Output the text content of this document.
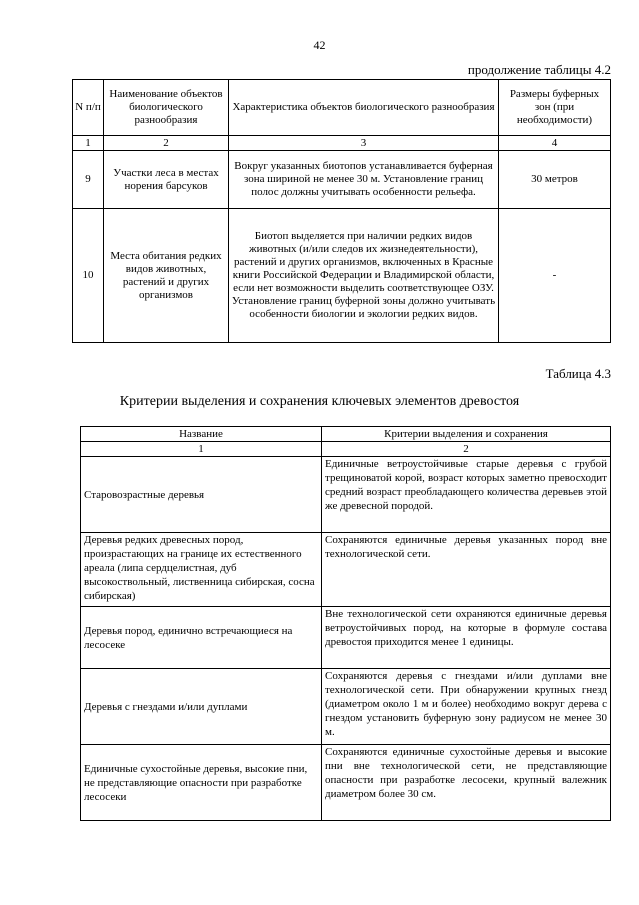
42
продолжение таблицы 4.2
N п/п	Наименование объектов биологического разнообразия	Характеристика объектов биологического разнообразия	Размеры буферных зон (при необходимости)
1	2	3	4
9	Участки леса в местах норения барсуков	Вокруг указанных биотопов устанавливается буферная зона шириной не менее 30 м. Установление границ полос должны учитывать особенности рельефа.	30 метров
10	Места обитания редких видов животных, растений и других организмов	Биотоп выделяется при наличии редких видов животных (и/или следов их жизнедеятельности), растений и других организмов, включенных в Красные книги Российской Федерации и Владимирской области, если нет возможности выделить соответствующее ОЗУ. Установление границ буферной зоны должно учитывать особенности биологии и экологии редких видов.	-
Таблица 4.3
Критерии выделения и сохранения ключевых элементов древостоя
Название	Критерии выделения и сохранения
1	2
Старовозрастные деревья	Единичные ветроустойчивые старые деревья с грубой трещиноватой корой, возраст которых заметно превосходит средний возраст преобладающего количества деревьев этой же древесной породой.
Деревья редких древесных пород, произрастающих на границе их естественного ареала (липа сердцелистная, дуб высокоствольный, лиственница сибирская, сосна сибирская)	Сохраняются единичные деревья указанных пород вне технологической сети.
Деревья пород, единично встречающиеся на лесосеке	Вне технологической сети охраняются единичные деревья ветроустойчивых пород, на которые в формуле состава древостоя приходится менее 1 единицы.
Деревья с гнездами и/или дуплами	Сохраняются деревья с гнездами и/или дуплами вне технологической сети. При обнаружении крупных гнезд (диаметром около 1 м и более) необходимо вокруг дерева с гнездом установить буферную зону радиусом не менее 30 м.
Единичные сухостойные деревья, высокие пни, не представляющие опасности при разработке лесосеки	Сохраняются единичные сухостойные деревья и высокие пни вне технологической сети, не представляющие опасности при разработке лесосеки, крупный валежник диаметром более 30 см.
